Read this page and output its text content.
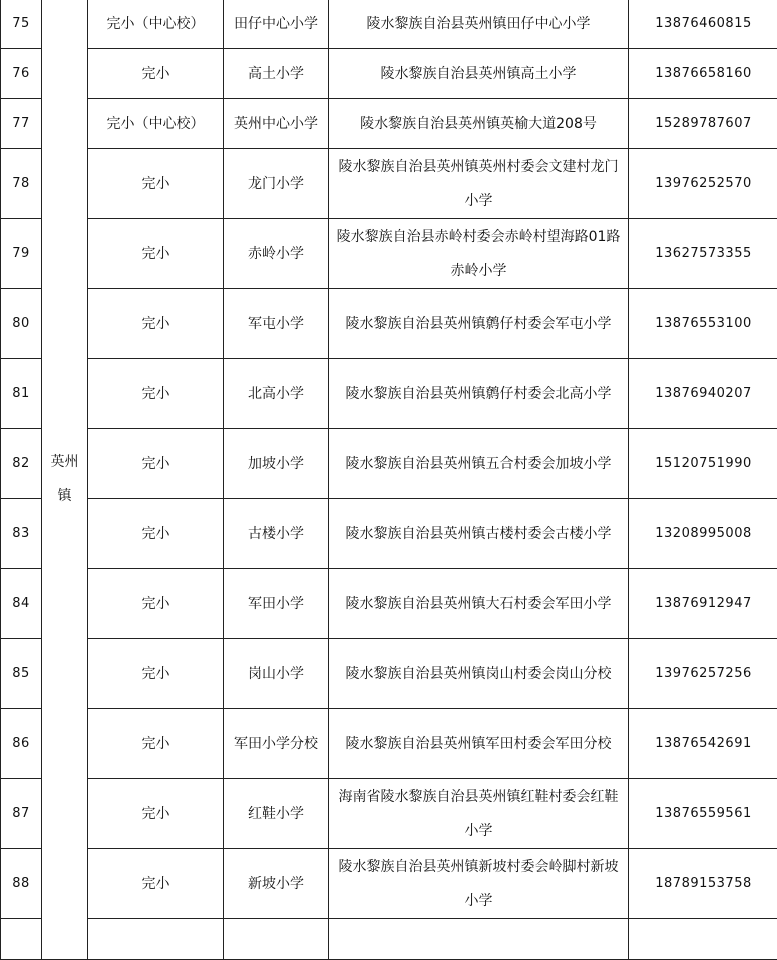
75	英州镇	完小（中心校）	田仔中心小学	陵水黎族自治县英州镇田仔中心小学	13876460815
76		完小	高土小学	陵水黎族自治县英州镇高土小学	13876658160
77		完小（中心校）	英州中心小学	陵水黎族自治县英州镇英榆大道208号	15289787607
78		完小	龙门小学	陵水黎族自治县英州镇英州村委会文建村龙门小学	13976252570
79		完小	赤岭小学	陵水黎族自治县赤岭村委会赤岭村望海路01路赤岭小学	13627573355
80		完小	军屯小学	陵水黎族自治县英州镇鹩仔村委会军屯小学	13876553100
81		完小	北高小学	陵水黎族自治县英州镇鹩仔村委会北高小学	13876940207
82		完小	加坡小学	陵水黎族自治县英州镇五合村委会加坡小学	15120751990
83		完小	古楼小学	陵水黎族自治县英州镇古楼村委会古楼小学	13208995008
84		完小	军田小学	陵水黎族自治县英州镇大石村委会军田小学	13876912947
85		完小	岗山小学	陵水黎族自治县英州镇岗山村委会岗山分校	13976257256
86		完小	军田小学分校	陵水黎族自治县英州镇军田村委会军田分校	13876542691
87		完小	红鞋小学	海南省陵水黎族自治县英州镇红鞋村委会红鞋小学	13876559561
88		完小	新坡小学	陵水黎族自治县英州镇新坡村委会岭脚村新坡小学	18789153758
